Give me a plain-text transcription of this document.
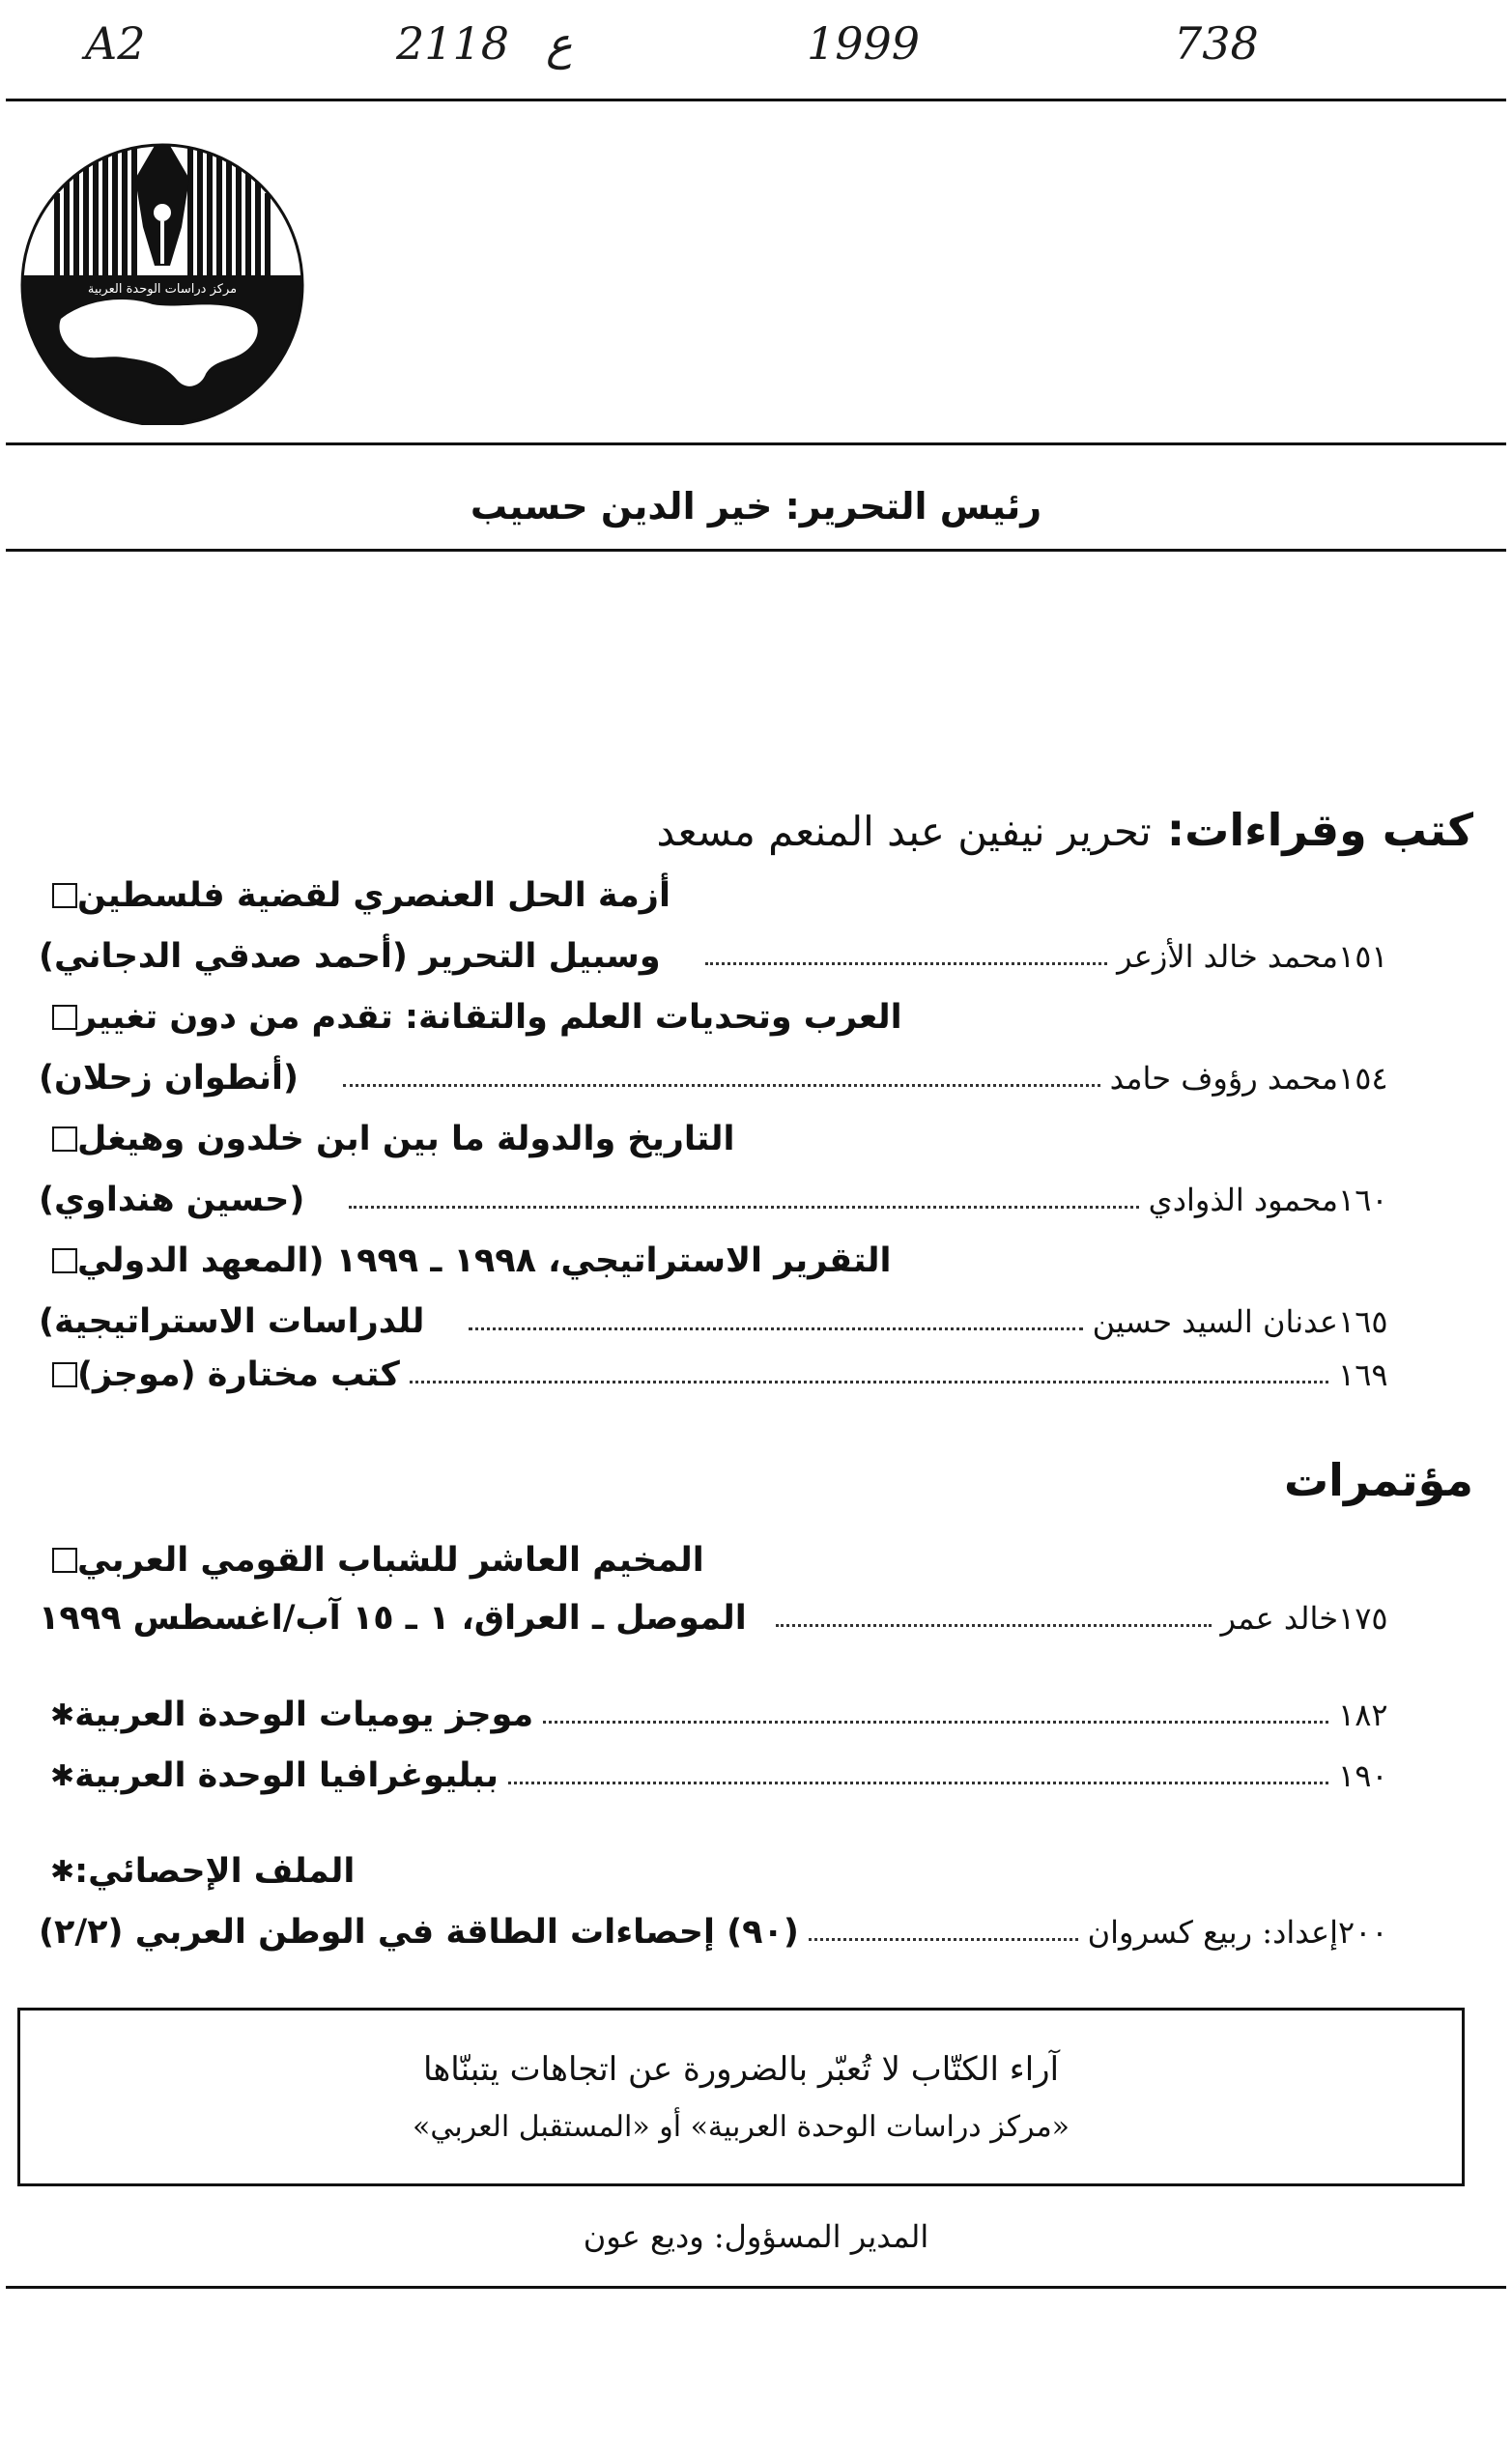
A2	2118 ع	1999	738
مركز دراسات الوحدة العربية
رئيس التحرير: خير الدين حسيب
كتب وقراءات: تحرير نيفين عبد المنعم مسعد
أزمة الحل العنصري لقضية فلسطين
وسبيل التحرير (أحمد صدقي الدجاني)	محمد خالد الأزعر ١٥١
العرب وتحديات العلم والتقانة: تقدم من دون تغيير
(أنطوان زحلان)	محمد رؤوف حامد ١٥٤
التاريخ والدولة ما بين ابن خلدون وهيغل
(حسين هنداوي)	محمود الذوادي ١٦٠
التقرير الاستراتيجي، ١٩٩٨ ـ ١٩٩٩ (المعهد الدولي
للدراسات الاستراتيجية)	عدنان السيد حسين ١٦٥
كتب مختارة (موجز)	١٦٩
مؤتمرات
المخيم العاشر للشباب القومي العربي
الموصل ـ العراق، ١ ـ ١٥ آب/اغسطس ١٩٩٩	خالد عمر ١٧٥
✱ موجز يوميات الوحدة العربية	١٨٢
✱ ببليوغرافيا الوحدة العربية	١٩٠
✱ الملف الإحصائي:
(٩٠) إحصاءات الطاقة في الوطن العربي (٢/٢)	إعداد: ربيع كسروان ٢٠٠
آراء الكتّاب لا تُعبّر بالضرورة عن اتجاهات يتبنّاها
«مركز دراسات الوحدة العربية» أو «المستقبل العربي»
المدير المسؤول: وديع عون
